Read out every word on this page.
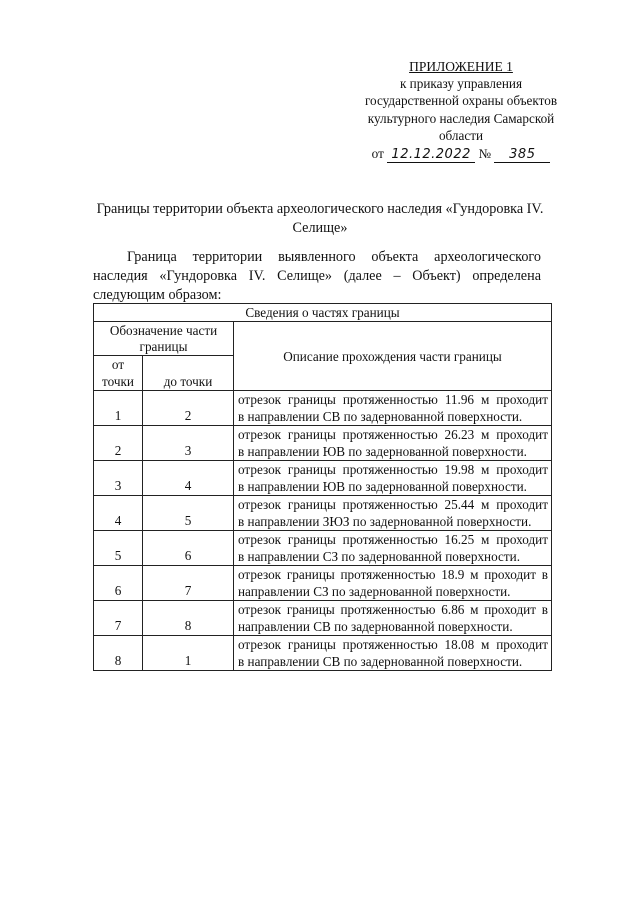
ПРИЛОЖЕНИЕ 1
к приказу управления
государственной охраны объектов
культурного наследия Самарской
области
от 12.12.2022 № 385
Границы территории объекта археологического наследия «Гундоровка IV. Селище»
Граница территории выявленного объекта археологического наследия «Гундоровка IV. Селище» (далее – Объект) определена следующим образом:
Сведения о частях границы		
Обозначение части границы		Описание прохождения части границы
от точки	до точки	
1	2	отрезок границы протяженностью 11.96 м проходит
в направлении СВ по задернованной поверхности.

2	3	отрезок границы протяженностью 26.23 м проходит
в направлении ЮВ по задернованной поверхности.

3	4	отрезок границы протяженностью 19.98 м проходит
в направлении ЮВ по задернованной поверхности.

4	5	отрезок границы протяженностью 25.44 м проходит
в направлении ЗЮЗ по задернованной поверхности.

5	6	отрезок границы протяженностью 16.25 м проходит
в направлении СЗ по задернованной поверхности.

6	7	отрезок границы протяженностью 18.9 м проходит в
направлении СЗ по задернованной поверхности.

7	8	отрезок границы протяженностью 6.86 м проходит в
направлении СВ по задернованной поверхности.

8	1	отрезок границы протяженностью 18.08 м проходит
в направлении СВ по задернованной поверхности.
